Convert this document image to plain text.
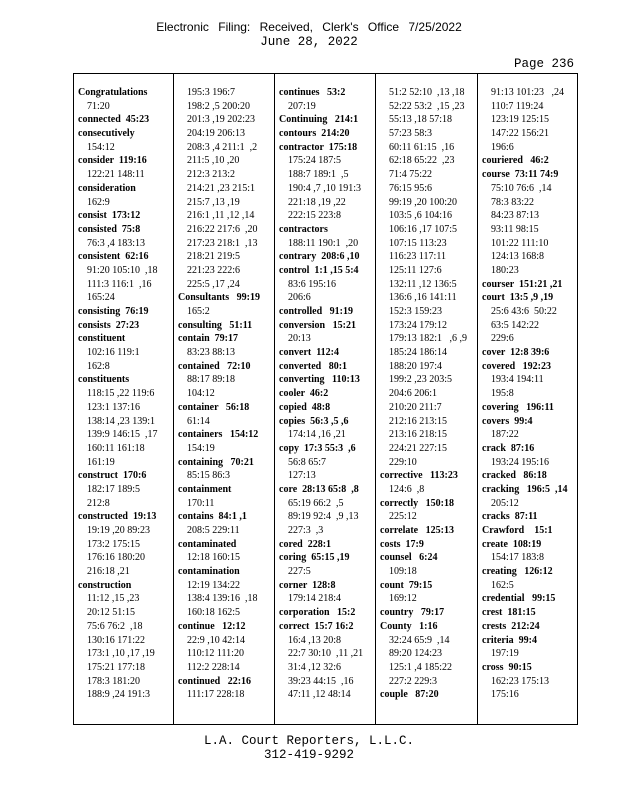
Electronic Filing: Received, Clerk's Office 7/25/2022
June 28, 2022
Page 236
Congratulations
71:20
connected  45:23
consecutively
154:12
consider  119:16
122:21 148:11
consideration
162:9
consist  173:12
consisted  75:8
76:3 ,4 183:13
consistent  62:16
91:20 105:10  ,18
111:3 116:1  ,16
165:24
consisting  76:19
consists  27:23
constituent
102:16 119:1
162:8
constituents
118:15 ,22 119:6
123:1 137:16
138:14 ,23 139:1
139:9 146:15  ,17
160:11 161:18
161:19
construct  170:6
182:17 189:5
212:8
constructed  19:13
19:19 ,20 89:23
173:2 175:15
176:16 180:20
216:18 ,21
construction
11:12 ,15 ,23
20:12 51:15
75:6 76:2  ,18
130:16 171:22
173:1 ,10 ,17 ,19
175:21 177:18
178:3 181:20
188:9 ,24 191:3
195:3 196:7
198:2 ,5 200:20
201:3 ,19 202:23
204:19 206:13
208:3 ,4 211:1  ,2
211:5 ,10 ,20
212:3 213:2
214:21 ,23 215:1
215:7 ,13 ,19
216:1 ,11 ,12 ,14
216:22 217:6  ,20
217:23 218:1  ,13
218:21 219:5
221:23 222:6
225:5 ,17 ,24
Consultants   99:19
165:2
consulting   51:11
contain  79:17
83:23 88:13
contained   72:10
88:17 89:18
104:12
container   56:18
61:14
containers   154:12
154:19
containing   70:21
85:15 86:3
containment
170:11
contains  84:1 ,1
208:5 229:11
contaminated
12:18 160:15
contamination
12:19 134:22
138:4 139:16  ,18
160:18 162:5
continue   12:12
22:9 ,10 42:14
110:12 111:20
112:2 228:14
continued   22:16
111:17 228:18
continues   53:2
207:19
Continuing   214:1
contours  214:20
contractor  175:18
175:24 187:5
188:7 189:1  ,5
190:4 ,7 ,10 191:3
221:18 ,19 ,22
222:15 223:8
contractors
188:11 190:1  ,20
contrary  208:6 ,10
control  1:1 ,15 5:4
83:6 195:16
206:6
controlled   91:19
conversion   15:21
20:13
convert  112:4
converted   80:1
converting   110:13
cooler  46:2
copied  48:8
copies  56:3 ,5 ,6
174:14 ,16 ,21
copy  17:3 55:3  ,6
56:8 65:7
127:13
core  28:13 65:8  ,8
65:19 66:2  ,5
89:19 92:4  ,9 ,13
227:3  ,3
cored  228:1
coring  65:15 ,19
227:5
corner  128:8
179:14 218:4
corporation   15:2
correct  15:7 16:2
16:4 ,13 20:8
22:7 30:10  ,11 ,21
31:4 ,12 32:6
39:23 44:15  ,16
47:11 ,12 48:14
51:2 52:10  ,13 ,18
52:22 53:2  ,15 ,23
55:13 ,18 57:18
57:23 58:3
60:11 61:15  ,16
62:18 65:22  ,23
71:4 75:22
76:15 95:6
99:19 ,20 100:20
103:5 ,6 104:16
106:16 ,17 107:5
107:15 113:23
116:23 117:11
125:11 127:6
132:11 ,12 136:5
136:6 ,16 141:11
152:3 159:23
173:24 179:12
179:13 182:1   ,6 ,9
185:24 186:14
188:20 197:4
199:2 ,23 203:5
204:6 206:1
210:20 211:7
212:16 213:15
213:16 218:15
224:21 227:15
229:10
corrective   113:23
124:6  ,8
correctly   150:18
225:12
correlate   125:13
costs  17:9
counsel   6:24
109:18
count  79:15
169:12
country   79:17
County   1:16
32:24 65:9  ,14
89:20 124:23
125:1 ,4 185:22
227:2 229:3
couple   87:20
91:13 101:23   ,24
110:7 119:24
123:19 125:15
147:22 156:21
196:6
couriered   46:2
course  73:11 74:9
75:10 76:6  ,14
78:3 83:22
84:23 87:13
93:11 98:15
101:22 111:10
124:13 168:8
180:23
courser  151:21 ,21
court  13:5 ,9 ,19
25:6 43:6  50:22
63:5 142:22
229:6
cover  12:8 39:6
covered   192:23
193:4 194:11
195:8
covering   196:11
covers  99:4
187:22
crack  87:16
193:24 195:16
cracked   86:18
cracking   196:5  ,14
205:12
cracks  87:11
Crawford    15:1
create  108:19
154:17 183:8
creating   126:12
162:5
credential   99:15
crest  181:15
crests  212:24
criteria  99:4
197:19
cross  90:15
162:23 175:13
175:16
L.A. Court Reporters, L.L.C.
312-419-9292
